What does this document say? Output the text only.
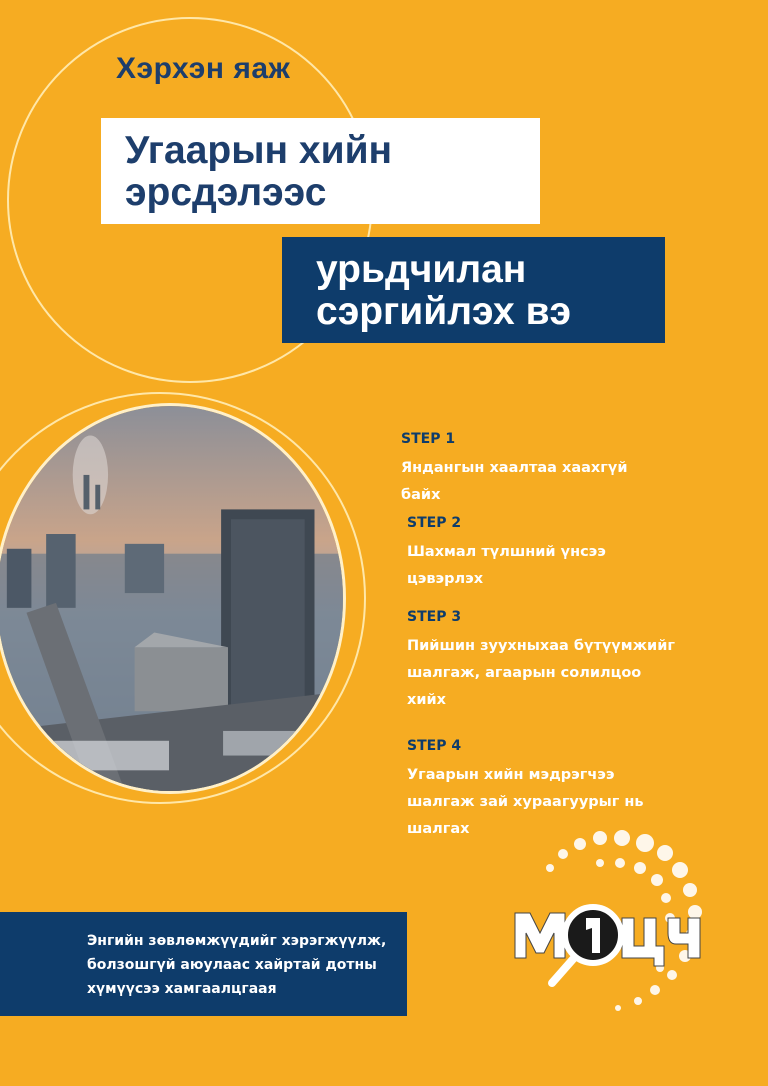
Хэрхэн яаж
Угаарын хийн
эрсдэлээс
урьдчилан
сэргийлэх вэ
STEP 1
Яндангын хаалтаа хаахгүй
байх
STEP 2
Шахмал түлшний үнсээ
цэвэрлэх
STEP 3
Пийшин зуухныхаа бүтүүмжийг
шалгаж, агаарын солилцоо
хийх
STEP 4
Угаарын хийн мэдрэгчээ
шалгаж зай хураагуурыг нь
шалгах
Энгийн зөвлөмжүүдийг хэрэгжүүлж,
болзошгүй аюулаас хайртай дотны
хүмүүсээ хамгаалцгаая
